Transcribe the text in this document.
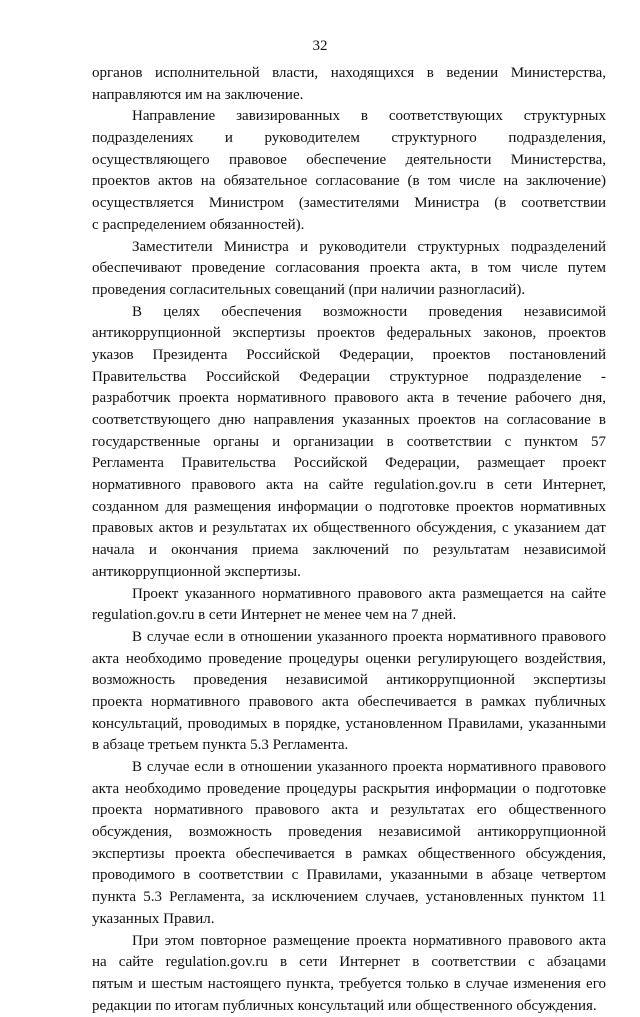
32
органов исполнительной власти, находящихся в ведении Министерства,
направляются им на заключение.
Направление завизированных в соответствующих структурных
подразделениях и руководителем структурного подразделения,
осуществляющего правовое обеспечение деятельности Министерства,
проектов актов на обязательное согласование (в том числе на заключение)
осуществляется Министром (заместителями Министра (в соответствии
с распределением обязанностей).
Заместители Министра и руководители структурных подразделений
обеспечивают проведение согласования проекта акта, в том числе путем
проведения согласительных совещаний (при наличии разногласий).
В целях обеспечения возможности проведения независимой
антикоррупционной экспертизы проектов федеральных законов, проектов
указов Президента Российской Федерации, проектов постановлений
Правительства Российской Федерации структурное подразделение -
разработчик проекта нормативного правового акта в течение рабочего дня,
соответствующего дню направления указанных проектов на согласование в
государственные органы и организации в соответствии с пунктом 57
Регламента Правительства Российской Федерации, размещает проект
нормативного правового акта на сайте regulation.gov.ru в сети Интернет,
созданном для размещения информации о подготовке проектов нормативных
правовых актов и результатах их общественного обсуждения, с указанием дат
начала и окончания приема заключений по результатам независимой
антикоррупционной экспертизы.
Проект указанного нормативного правового акта размещается на сайте
regulation.gov.ru в сети Интернет не менее чем на 7 дней.
В случае если в отношении указанного проекта нормативного правового
акта необходимо проведение процедуры оценки регулирующего воздействия,
возможность проведения независимой антикоррупционной экспертизы
проекта нормативного правового акта обеспечивается в рамках публичных
консультаций, проводимых в порядке, установленном Правилами, указанными
в абзаце третьем пункта 5.3 Регламента.
В случае если в отношении указанного проекта нормативного правового
акта необходимо проведение процедуры раскрытия информации о подготовке
проекта нормативного правового акта и результатах его общественного
обсуждения, возможность проведения независимой антикоррупционной
экспертизы проекта обеспечивается в рамках общественного обсуждения,
проводимого в соответствии с Правилами, указанными в абзаце четвертом
пункта 5.3 Регламента, за исключением случаев, установленных пунктом 11
указанных Правил.
При этом повторное размещение проекта нормативного правового акта
на сайте regulation.gov.ru в сети Интернет в соответствии с абзацами
пятым и шестым настоящего пункта, требуется только в случае изменения его
редакции по итогам публичных консультаций или общественного обсуждения.
